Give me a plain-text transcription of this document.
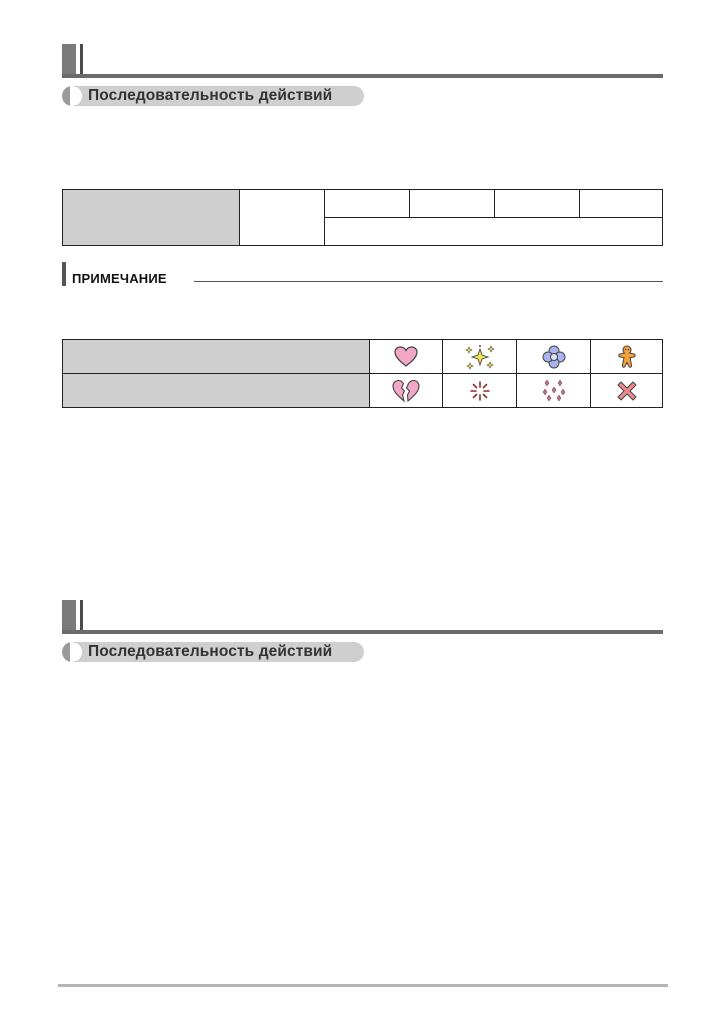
Последовательность действий

ПРИМЕЧАНИЕ

Последовательность действий
